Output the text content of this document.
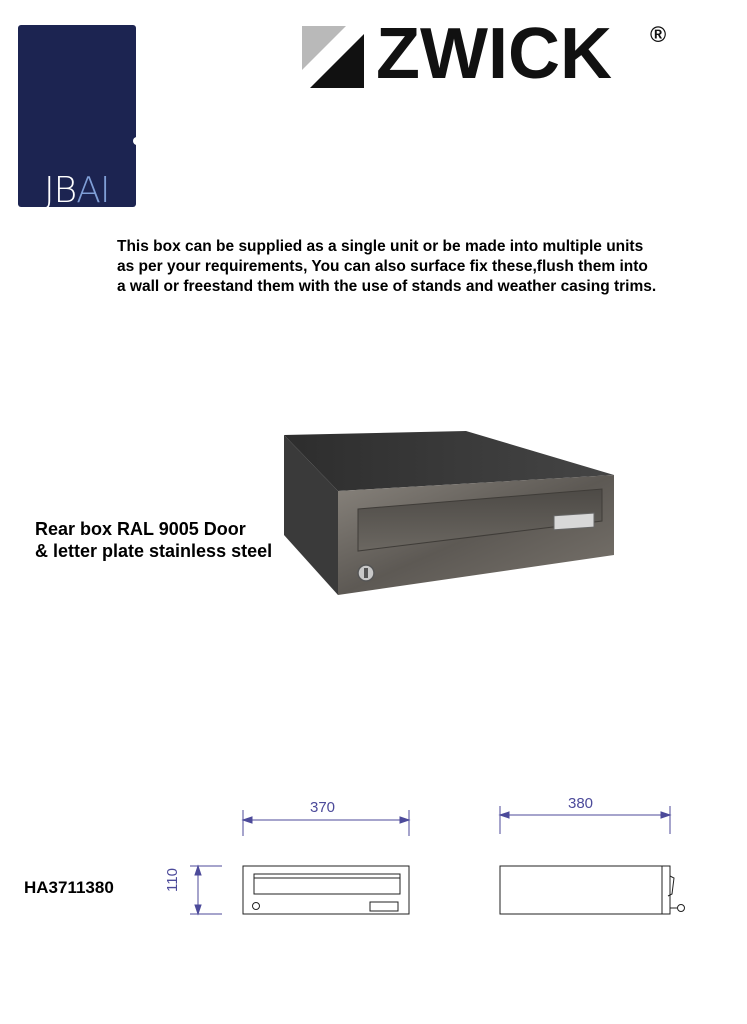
JBAI
ZWICK ®
This box can be supplied as a single unit or be made into multiple units
as per your requirements, You can also surface fix these,flush them into
a wall or freestand them with the use of stands and weather casing trims.
Rear box RAL 9005 Door
& letter plate stainless steel
370	380
110
HA3711380
